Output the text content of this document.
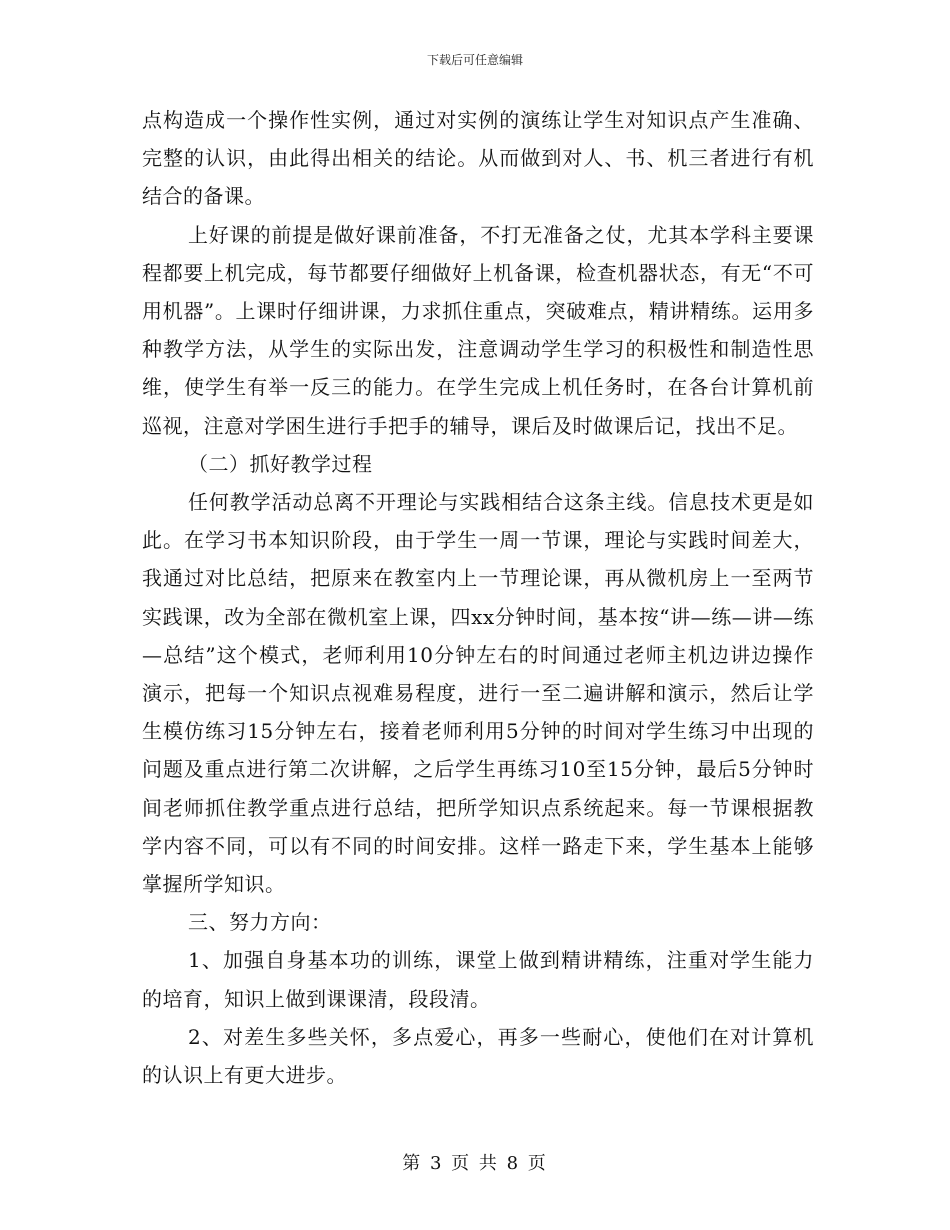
下载后可任意编辑

点构造成一个操作性实例，通过对实例的演练让学生对知识点产生准确、完整的认识，由此得出相关的结论。从而做到对人、书、机三者进行有机结合的备课。

上好课的前提是做好课前准备，不打无准备之仗，尤其本学科主要课程都要上机完成，每节都要仔细做好上机备课，检查机器状态，有无“不可用机器”。上课时仔细讲课，力求抓住重点，突破难点，精讲精练。运用多种教学方法，从学生的实际出发，注意调动学生学习的积极性和制造性思维，使学生有举一反三的能力。在学生完成上机任务时，在各台计算机前巡视，注意对学困生进行手把手的辅导，课后及时做课后记，找出不足。

（二）抓好教学过程

任何教学活动总离不开理论与实践相结合这条主线。信息技术更是如此。在学习书本知识阶段，由于学生一周一节课，理论与实践时间差大，我通过对比总结，把原来在教室内上一节理论课，再从微机房上一至两节实践课，改为全部在微机室上课，四xx分钟时间，基本按“讲—练—讲—练—总结”这个模式，老师利用10分钟左右的时间通过老师主机边讲边操作演示，把每一个知识点视难易程度，进行一至二遍讲解和演示，然后让学生模仿练习15分钟左右，接着老师利用5分钟的时间对学生练习中出现的问题及重点进行第二次讲解，之后学生再练习10至15分钟，最后5分钟时间老师抓住教学重点进行总结，把所学知识点系统起来。每一节课根据教学内容不同，可以有不同的时间安排。这样一路走下来，学生基本上能够掌握所学知识。

三、努力方向：

1、加强自身基本功的训练，课堂上做到精讲精练，注重对学生能力的培育，知识上做到课课清，段段清。

2、对差生多些关怀，多点爱心，再多一些耐心，使他们在对计算机的认识上有更大进步。

第 3 页 共 8 页
